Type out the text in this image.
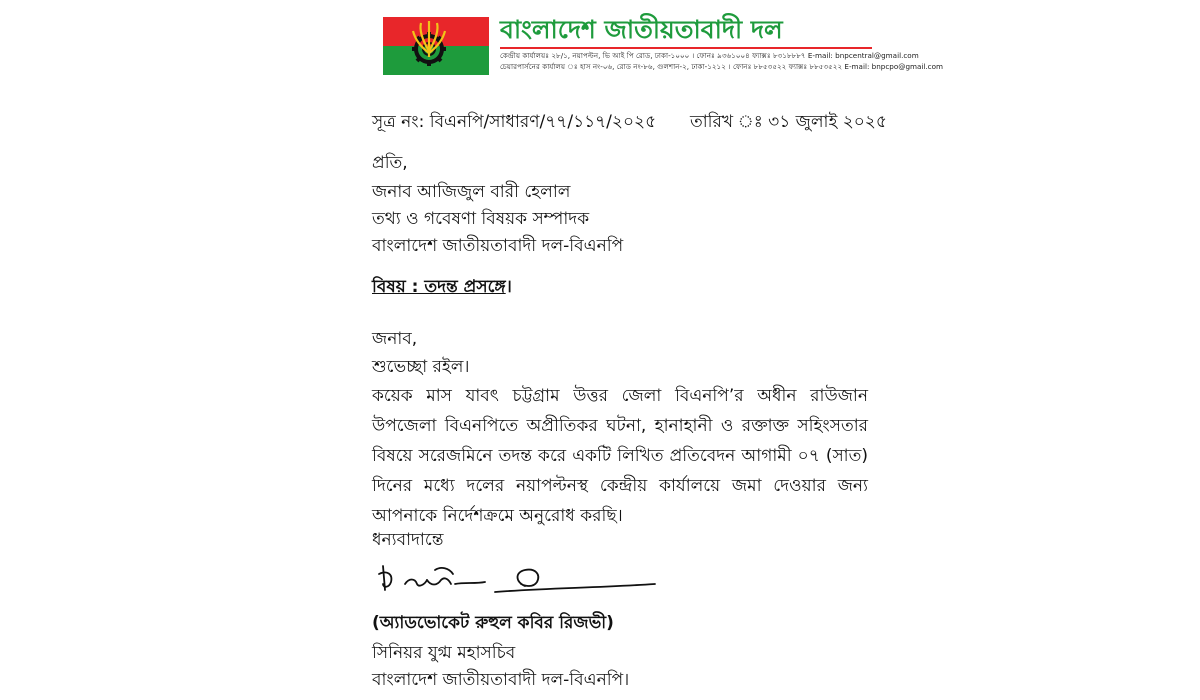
বাংলাদেশ জাতীয়তাবাদী দল
কেন্দ্রীয় কার্যালয়ঃ ২৮/১, নয়াপল্টন, ভি আই পি রোড, ঢাকা-১০০০ । ফোনঃ ৯৩৬১০০৪ ফ্যাক্সঃ ৮৩১৮৮৮৭ E-mail: bnpcentral@gmail.com
চেয়ারপার্সনের কার্যালয় ঃ হাস নং-০৬, রোড নং-৮৬, গুলশান-২, ঢাকা-১২১২ । ফোনঃ ৮৮৫৩৫২২ ফ্যাক্সঃ ৮৮৫৩৫২২ E-mail: bnpcpo@gmail.com
সূত্র নং: বিএনপি/সাধারণ/৭৭/১১৭/২০২৫ তারিখ ঃ ৩১ জুলাই ২০২৫
প্রতি,
জনাব আজিজুল বারী হেলাল
তথ্য ও গবেষণা বিষয়ক সম্পাদক
বাংলাদেশ জাতীয়তাবাদী দল-বিএনপি
বিষয় : তদন্ত প্রসঙ্গে।
জনাব,
শুভেচ্ছা রইল।
কয়েক মাস যাবৎ চট্টগ্রাম উত্তর জেলা বিএনপি’র অধীন রাউজান উপজেলা বিএনপিতে অপ্রীতিকর ঘটনা, হানাহানী ও রক্তাক্ত সহিংসতার বিষয়ে সরেজমিনে তদন্ত করে একটি লিখিত প্রতিবেদন আগামী ০৭ (সাত) দিনের মধ্যে দলের নয়াপল্টনস্থ কেন্দ্রীয় কার্যালয়ে জমা দেওয়ার জন্য আপনাকে নির্দেশক্রমে অনুরোধ করছি।
ধন্যবাদান্তে
(অ্যাডভোকেট রুহুল কবির রিজভী)
সিনিয়র যুগ্ম মহাসচিব
বাংলাদেশ জাতীয়তাবাদী দল-বিএনপি।
